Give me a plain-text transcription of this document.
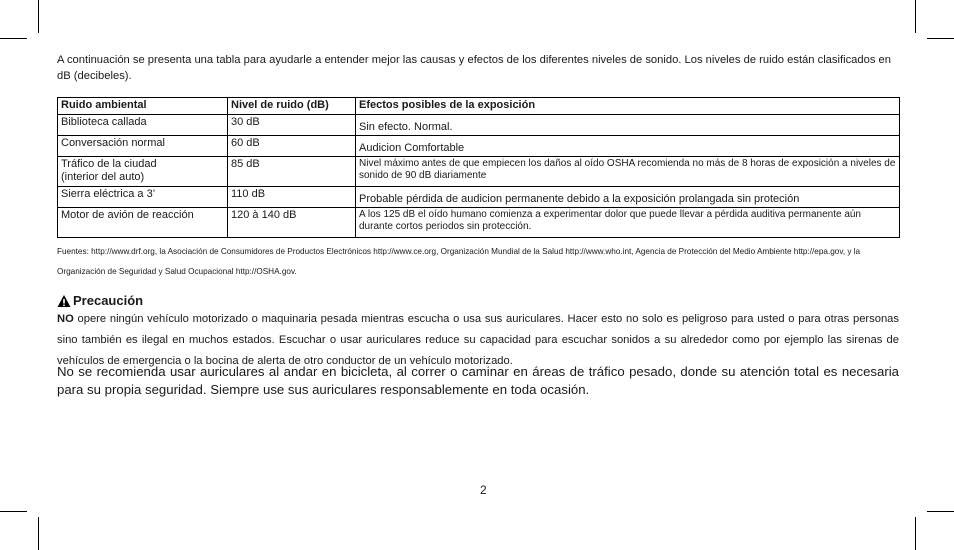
A continuación se presenta una tabla para ayudarle a entender mejor las causas y efectos de los diferentes niveles de sonido. Los niveles de ruido están clasificados en dB (decibeles).

Ruido ambiental	Nivel de ruido (dB)	Efectos posibles de la exposición
Biblioteca callada	30 dB	Sin efecto. Normal.

Conversación normal	60 dB	Audicion Comfortable

Tráfico de la ciudad
(interior del auto)	85 dB	Nivel máximo antes de que empiecen los daños al oído OSHA recomienda no más de 8 horas de exposición a niveles de sonido de 90 dB diariamente

Sierra eléctrica a 3’	110 dB	Probable pérdida de audicion permanente debido a la exposición prolangada sin proteción

Motor de avión de reacción	120 à 140 dB	A los 125 dB el oído humano comienza a experimentar dolor que puede llevar a pérdida auditiva permanente aún durante cortos periodos sin protección.

Fuentes: http://www.drf.org, la Asociación de Consumidores de Productos Electrónicos http://www.ce.org, Organización Mundial de la Salud http://www.who.int, Agencia de Protección del Medio Ambiente http://epa.gov, y la Organización de Seguridad y Salud Ocupacional http://OSHA.gov.

Precaución

NO opere ningún vehículo motorizado o maquinaria pesada mientras escucha o usa sus auriculares. Hacer esto no solo es peligroso para usted o para otras personas sino también es ilegal en muchos estados. Escuchar o usar auriculares reduce su capacidad para escuchar sonidos a su alrededor como por ejemplo las sirenas de vehículos de emergencia o la bocina de alerta de otro conductor de un vehículo motorizado.

No se recomienda usar auriculares al andar en bicicleta, al correr o caminar en áreas de tráfico pesado, donde su atención total es necesaria para su propia seguridad. Siempre use sus auriculares responsablemente en toda ocasión.

2
